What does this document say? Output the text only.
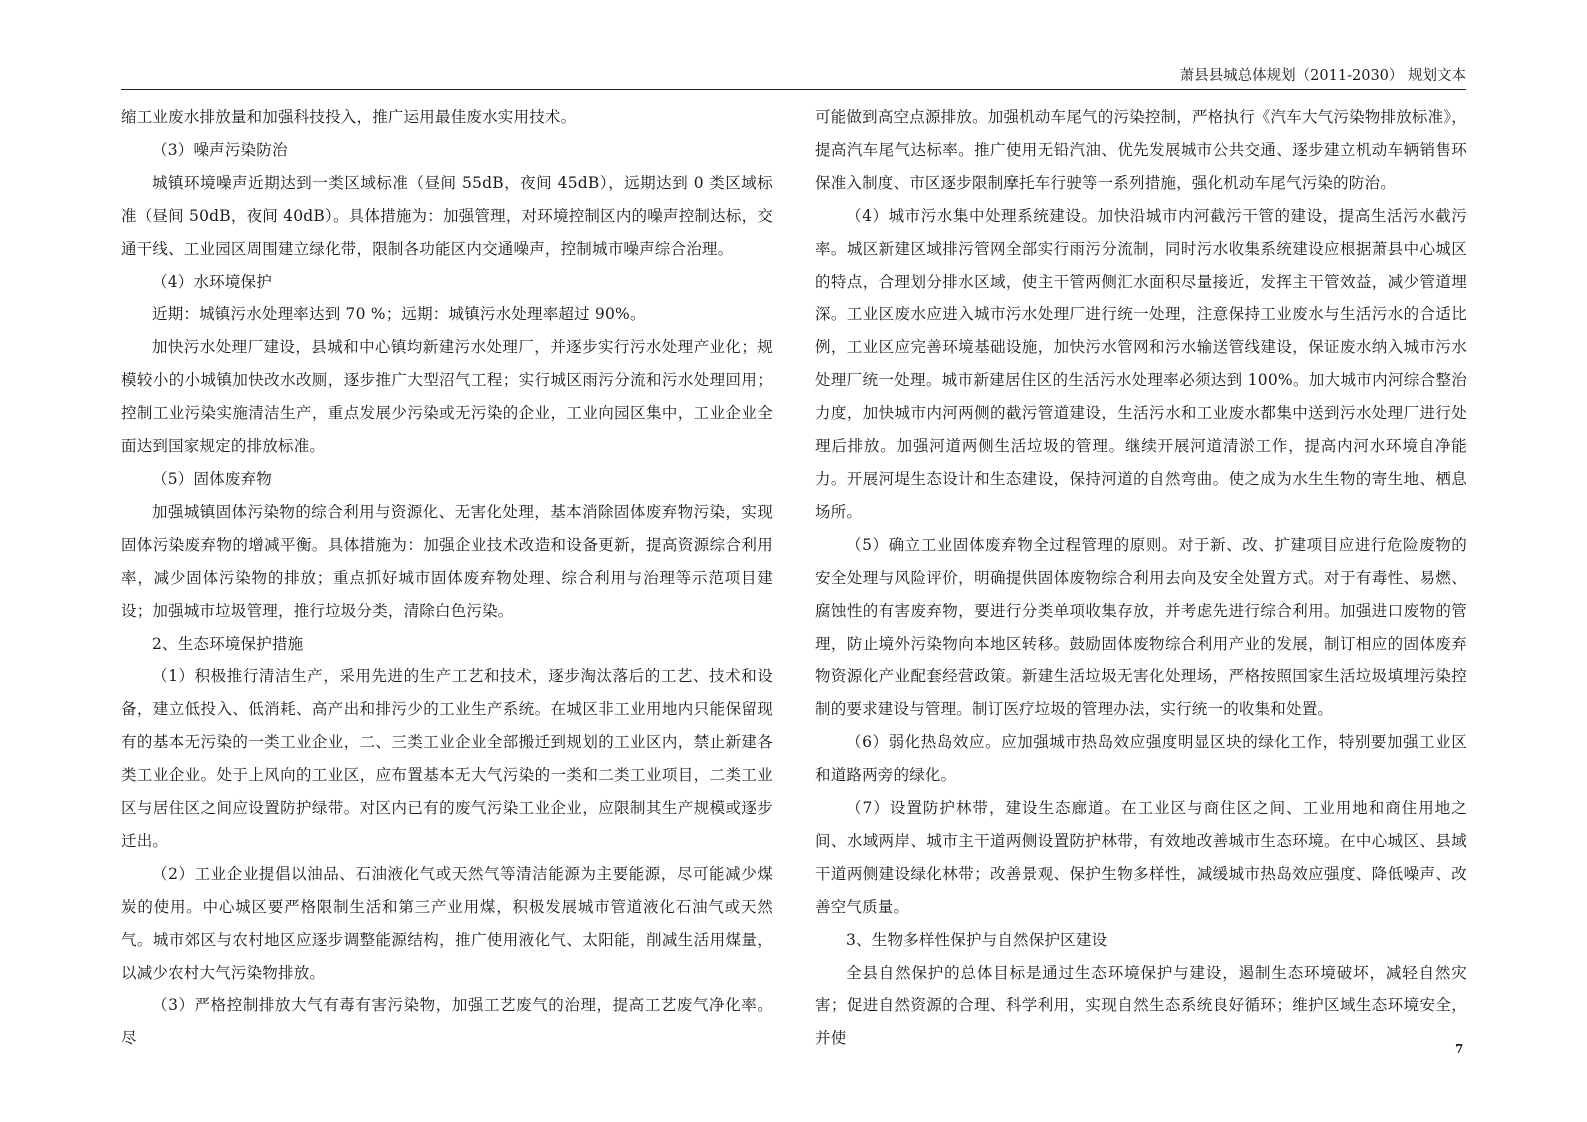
萧县县城总体规划（2011-2030） 规划文本

缩工业废水排放量和加强科技投入，推广运用最佳废水实用技术。

（3）噪声污染防治

城镇环境噪声近期达到一类区域标准（昼间 55dB，夜间 45dB），远期达到 0 类区域标准（昼间 50dB，夜间 40dB）。具体措施为：加强管理，对环境控制区内的噪声控制达标，交通干线、工业园区周围建立绿化带，限制各功能区内交通噪声，控制城市噪声综合治理。

（4）水环境保护

近期：城镇污水处理率达到 70 %；远期：城镇污水处理率超过 90%。

加快污水处理厂建设，县城和中心镇均新建污水处理厂，并逐步实行污水处理产业化；规模较小的小城镇加快改水改厕，逐步推广大型沼气工程；实行城区雨污分流和污水处理回用；控制工业污染实施清洁生产，重点发展少污染或无污染的企业，工业向园区集中，工业企业全面达到国家规定的排放标准。

（5）固体废弃物

加强城镇固体污染物的综合利用与资源化、无害化处理，基本消除固体废弃物污染，实现固体污染废弃物的增减平衡。具体措施为：加强企业技术改造和设备更新，提高资源综合利用率，减少固体污染物的排放；重点抓好城市固体废弃物处理、综合利用与治理等示范项目建设；加强城市垃圾管理，推行垃圾分类，清除白色污染。

2、生态环境保护措施

（1）积极推行清洁生产，采用先进的生产工艺和技术，逐步淘汰落后的工艺、技术和设备，建立低投入、低消耗、高产出和排污少的工业生产系统。在城区非工业用地内只能保留现有的基本无污染的一类工业企业，二、三类工业企业全部搬迁到规划的工业区内，禁止新建各类工业企业。处于上风向的工业区，应布置基本无大气污染的一类和二类工业项目，二类工业区与居住区之间应设置防护绿带。对区内已有的废气污染工业企业，应限制其生产规模或逐步迁出。

（2）工业企业提倡以油品、石油液化气或天然气等清洁能源为主要能源，尽可能减少煤炭的使用。中心城区要严格限制生活和第三产业用煤，积极发展城市管道液化石油气或天然气。城市郊区与农村地区应逐步调整能源结构，推广使用液化气、太阳能，削减生活用煤量，以减少农村大气污染物排放。

（3）严格控制排放大气有毒有害污染物，加强工艺废气的治理，提高工艺废气净化率。尽

可能做到高空点源排放。加强机动车尾气的污染控制，严格执行《汽车大气污染物排放标准》，提高汽车尾气达标率。推广使用无铅汽油、优先发展城市公共交通、逐步建立机动车辆销售环保准入制度、市区逐步限制摩托车行驶等一系列措施，强化机动车尾气污染的防治。

（4）城市污水集中处理系统建设。加快沿城市内河截污干管的建设，提高生活污水截污率。城区新建区域排污管网全部实行雨污分流制，同时污水收集系统建设应根据萧县中心城区的特点，合理划分排水区域，使主干管两侧汇水面积尽量接近，发挥主干管效益，减少管道埋深。工业区废水应进入城市污水处理厂进行统一处理，注意保持工业废水与生活污水的合适比例，工业区应完善环境基础设施，加快污水管网和污水输送管线建设，保证废水纳入城市污水处理厂统一处理。城市新建居住区的生活污水处理率必须达到 100%。加大城市内河综合整治力度，加快城市内河两侧的截污管道建设，生活污水和工业废水都集中送到污水处理厂进行处理后排放。加强河道两侧生活垃圾的管理。继续开展河道清淤工作，提高内河水环境自净能力。开展河堤生态设计和生态建设，保持河道的自然弯曲。使之成为水生生物的寄生地、栖息场所。

（5）确立工业固体废弃物全过程管理的原则。对于新、改、扩建项目应进行危险废物的安全处理与风险评价，明确提供固体废物综合利用去向及安全处置方式。对于有毒性、易燃、腐蚀性的有害废弃物，要进行分类单项收集存放，并考虑先进行综合利用。加强进口废物的管理，防止境外污染物向本地区转移。鼓励固体废物综合利用产业的发展，制订相应的固体废弃物资源化产业配套经营政策。新建生活垃圾无害化处理场，严格按照国家生活垃圾填埋污染控制的要求建设与管理。制订医疗垃圾的管理办法，实行统一的收集和处置。

（6）弱化热岛效应。应加强城市热岛效应强度明显区块的绿化工作，特别要加强工业区和道路两旁的绿化。

（7）设置防护林带，建设生态廊道。在工业区与商住区之间、工业用地和商住用地之间、水域两岸、城市主干道两侧设置防护林带，有效地改善城市生态环境。在中心城区、县域干道两侧建设绿化林带；改善景观、保护生物多样性，减缓城市热岛效应强度、降低噪声、改善空气质量。

3、生物多样性保护与自然保护区建设

全县自然保护的总体目标是通过生态环境保护与建设，遏制生态环境破坏，减轻自然灾害；促进自然资源的合理、科学利用，实现自然生态系统良好循环；维护区域生态环境安全，并使

7
